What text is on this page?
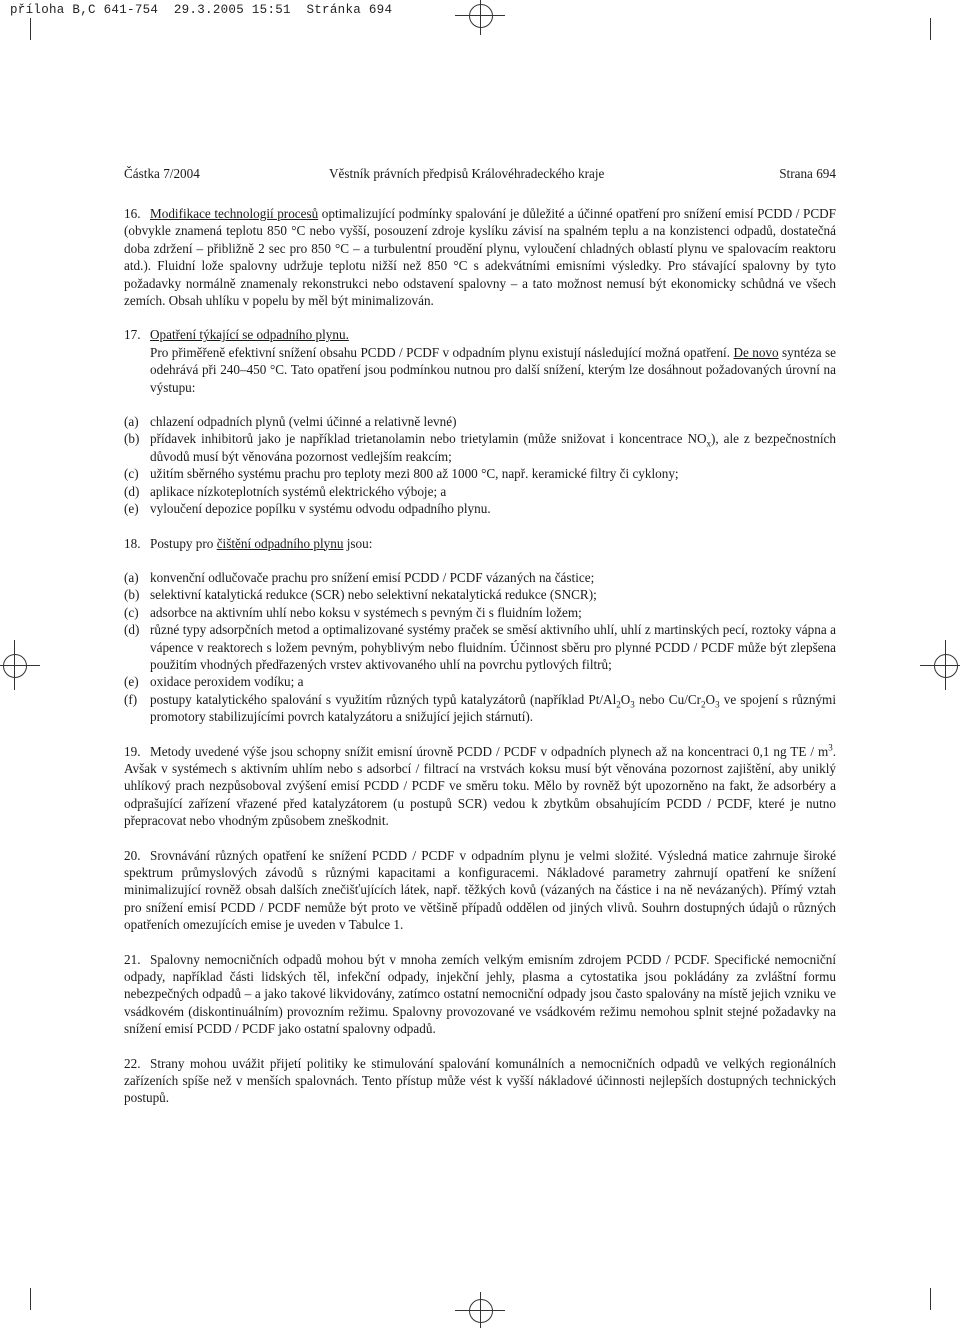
příloha B,C 641-754  29.3.2005 15:51  Stránka 694
Částka 7/2004	Věstník právních předpisů Královéhradeckého kraje	Strana 694

16. Modifikace technologií procesů optimalizující podmínky spalování je důležité a účinné opatření pro snížení emisí PCDD / PCDF (obvykle znamená teplotu 850 °C nebo vyšší, posouzení zdroje kyslíku závisí na spalném teplu a na konzistenci odpadů, dostatečná doba zdržení – přibližně 2 sec pro 850 °C – a turbulentní proudění plynu, vyloučení chladných oblastí plynu ve spalovacím reaktoru atd.). Fluidní lože spalovny udržuje teplotu nižší než 850 °C s adekvátními emisními výsledky. Pro stávající spalovny by tyto požadavky normálně znamenaly rekonstrukci nebo odstavení spalovny – a tato možnost nemusí být ekonomicky schůdná ve všech zemích. Obsah uhlíku v popelu by měl být minimalizován.

17. Opatření týkající se odpadního plynu.

Pro přiměřeně efektivní snížení obsahu PCDD / PCDF v odpadním plynu existují následující možná opatření. De novo syntéza se odehrává při 240–450 °C. Tato opatření jsou podmínkou nutnou pro další snížení, kterým lze dosáhnout požadovaných úrovní na výstupu:

(a) chlazení odpadních plynů (velmi účinné a relativně levné)
(b) přídavek inhibitorů jako je například trietanolamin nebo trietylamin (může snižovat i koncentrace $NO_x$), ale z bezpečnostních důvodů musí být věnována pozornost vedlejším reakcím;
(c) užitím sběrného systému prachu pro teploty mezi 800 až 1000 °C, např. keramické filtry či cyklony;
(d) aplikace nízkoteplotních systémů elektrického výboje; a
(e) vyloučení depozice popílku v systému odvodu odpadního plynu.

18. Postupy pro čištění odpadního plynu jsou:

(a) konvenční odlučovače prachu pro snížení emisí PCDD / PCDF vázaných na částice;
(b) selektivní katalytická redukce (SCR) nebo selektivní nekatalytická redukce (SNCR);
(c) adsorbce na aktivním uhlí nebo koksu v systémech s pevným či s fluidním ložem;
(d) různé typy adsorpčních metod a optimalizované systémy praček se směsí aktivního uhlí, uhlí z martinských pecí, roztoky vápna a vápence v reaktorech s ložem pevným, pohyblivým nebo fluidním. Účinnost sběru pro plynné PCDD / PCDF může být zlepšena použitím vhodných předřazených vrstev aktivovaného uhlí na povrchu pytlových filtrů;
(e) oxidace peroxidem vodíku; a
(f) postupy katalytického spalování s využitím různých typů katalyzátorů (například $Pt/Al_2O_3$ nebo $Cu/Cr_2O_3$ ve spojení s různými promotory stabilizujícími povrch katalyzátoru a snižující jejich stárnutí).

19. Metody uvedené výše jsou schopny snížit emisní úrovně PCDD / PCDF v odpadních plynech až na koncentraci 0,1 ng TE / $m^3$. Avšak v systémech s aktivním uhlím nebo s adsorbcí / filtrací na vrstvách koksu musí být věnována pozornost zajištění, aby uniklý uhlíkový prach nezpůsoboval zvýšení emisí PCDD / PCDF ve směru toku. Mělo by rovněž být upozorněno na fakt, že adsorbéry a odprašující zařízení vřazené před katalyzátorem (u postupů SCR) vedou k zbytkům obsahujícím PCDD / PCDF, které je nutno přepracovat nebo vhodným způsobem zneškodnit.

20. Srovnávání různých opatření ke snížení PCDD / PCDF v odpadním plynu je velmi složité. Výsledná matice zahrnuje široké spektrum průmyslových závodů s různými kapacitami a konfiguracemi. Nákladové parametry zahrnují opatření ke snížení minimalizující rovněž obsah dalších znečišťujících látek, např. těžkých kovů (vázaných na částice i na ně nevázaných). Přímý vztah pro snížení emisí PCDD / PCDF nemůže být proto ve většině případů oddělen od jiných vlivů. Souhrn dostupných údajů o různých opatřeních omezujících emise je uveden v Tabulce 1.

21. Spalovny nemocničních odpadů mohou být v mnoha zemích velkým emisním zdrojem PCDD / PCDF. Specifické nemocniční odpady, například části lidských těl, infekční odpady, injekční jehly, plasma a cytostatika jsou pokládány za zvláštní formu nebezpečných odpadů – a jako takové likvidovány, zatímco ostatní nemocniční odpady jsou často spalovány na místě jejich vzniku ve vsádkovém (diskontinuálním) provozním režimu. Spalovny provozované ve vsádkovém režimu nemohou splnit stejné požadavky na snížení emisí PCDD / PCDF jako ostatní spalovny odpadů.

22. Strany mohou uvážit přijetí politiky ke stimulování spalování komunálních a nemocničních odpadů ve velkých regionálních zařízeních spíše než v menších spalovnách. Tento přístup může vést k vyšší nákladové účinnosti nejlepších dostupných technických postupů.
